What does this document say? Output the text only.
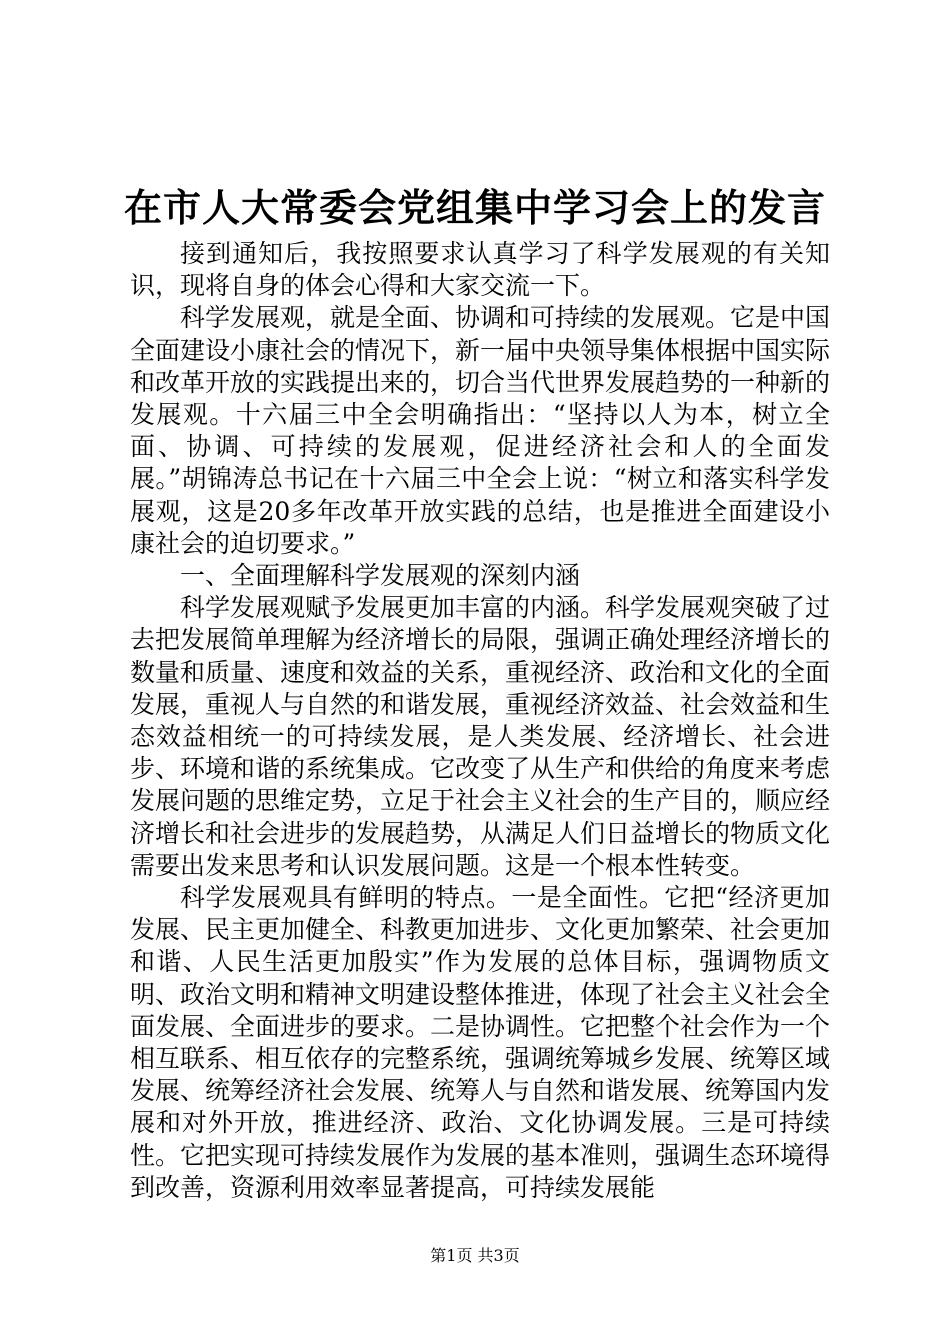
在市人大常委会党组集中学习会上的发言

接到通知后，我按照要求认真学习了科学发展观的有关知识，现将自身的体会心得和大家交流一下。

科学发展观，就是全面、协调和可持续的发展观。它是中国全面建设小康社会的情况下，新一届中央领导集体根据中国实际和改革开放的实践提出来的，切合当代世界发展趋势的一种新的发展观。十六届三中全会明确指出：“坚持以人为本，树立全面、协调、可持续的发展观，促进经济社会和人的全面发展。”胡锦涛总书记在十六届三中全会上说：“树立和落实科学发展观，这是20多年改革开放实践的总结，也是推进全面建设小康社会的迫切要求。”

一、全面理解科学发展观的深刻内涵

科学发展观赋予发展更加丰富的内涵。科学发展观突破了过去把发展简单理解为经济增长的局限，强调正确处理经济增长的数量和质量、速度和效益的关系，重视经济、政治和文化的全面发展，重视人与自然的和谐发展，重视经济效益、社会效益和生态效益相统一的可持续发展，是人类发展、经济增长、社会进步、环境和谐的系统集成。它改变了从生产和供给的角度来考虑发展问题的思维定势，立足于社会主义社会的生产目的，顺应经济增长和社会进步的发展趋势，从满足人们日益增长的物质文化需要出发来思考和认识发展问题。这是一个根本性转变。

科学发展观具有鲜明的特点。一是全面性。它把“经济更加发展、民主更加健全、科教更加进步、文化更加繁荣、社会更加和谐、人民生活更加殷实”作为发展的总体目标，强调物质文明、政治文明和精神文明建设整体推进，体现了社会主义社会全面发展、全面进步的要求。二是协调性。它把整个社会作为一个相互联系、相互依存的完整系统，强调统筹城乡发展、统筹区域发展、统筹经济社会发展、统筹人与自然和谐发展、统筹国内发展和对外开放，推进经济、政治、文化协调发展。三是可持续性。它把实现可持续发展作为发展的基本准则，强调生态环境得到改善，资源利用效率显著提高，可持续发展能

第1页 共3页
